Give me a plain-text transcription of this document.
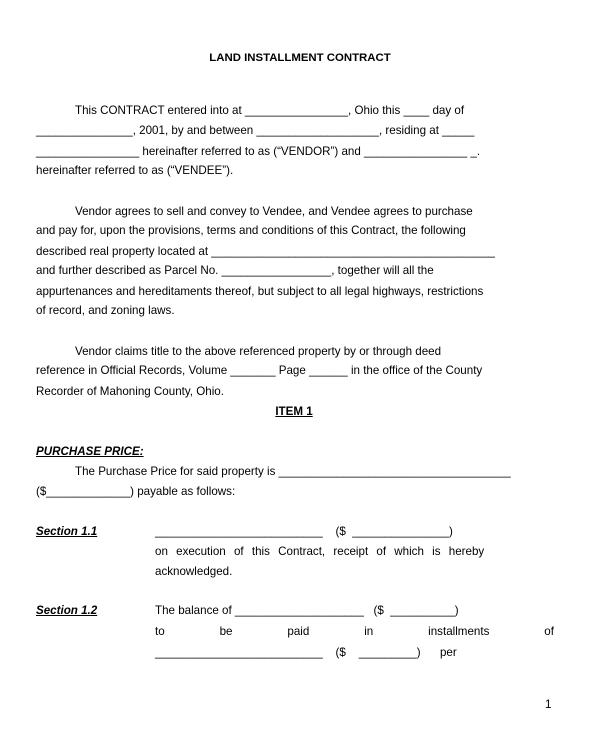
LAND INSTALLMENT CONTRACT
This CONTRACT entered into at ________________, Ohio this ____ day of
_______________, 2001, by and between ___________________, residing at _____
________________ hereinafter referred to as (“VENDOR”) and ________________ _.
hereinafter referred to as (“VENDEE”).
Vendor agrees to sell and convey to Vendee, and Vendee agrees to purchase
and pay for, upon the provisions, terms and conditions of this Contract, the following
described real property located at ____________________________________________
and further described as Parcel No. _________________, together will all the
appurtenances and hereditaments thereof, but subject to all legal highways, restrictions
of record, and zoning laws.
Vendor claims title to the above referenced property by or through deed
reference in Official Records, Volume _______ Page ______ in the office of the County
Recorder of Mahoning County, Ohio.
ITEM 1
PURCHASE PRICE:
The Purchase Price for said property is ____________________________________
($_____________) payable as follows:
Section 1.1	__________________________    ($  _______________)
on execution of this Contract, receipt of which is hereby
acknowledged.
Section 1.2	The balance of ____________________   ($  __________)
to	be	paid	in	installments	of
__________________________    ($    _________)      per
1
